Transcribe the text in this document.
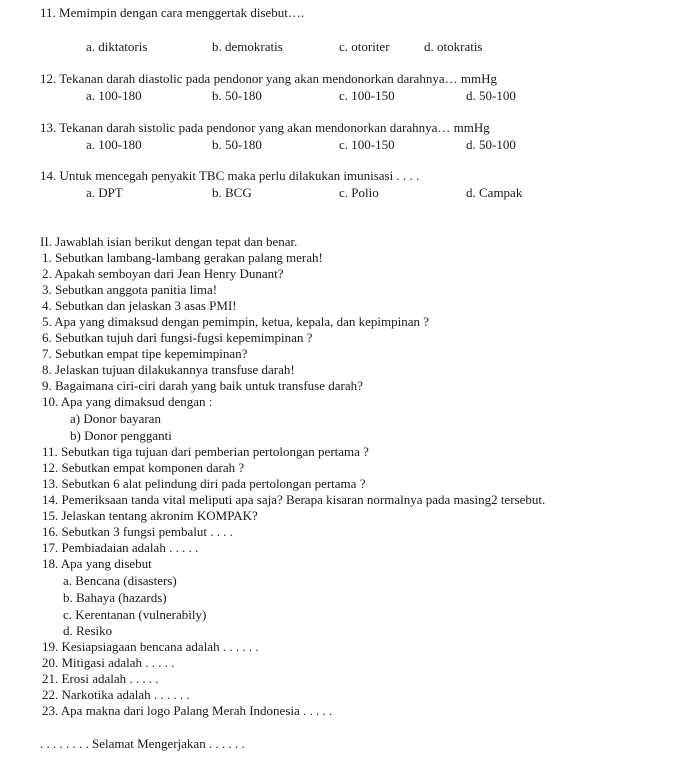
11. Memimpin dengan cara menggertak disebut….
a. diktatoris	b. demokratis	c. otoriter	d. otokratis
12. Tekanan darah diastolic pada pendonor yang akan mendonorkan darahnya… mmHg
a. 100-180	b. 50-180	c. 100-150	d. 50-100
13. Tekanan darah sistolic pada pendonor yang akan mendonorkan darahnya… mmHg
a. 100-180	b. 50-180	c. 100-150	d. 50-100
14. Untuk mencegah penyakit TBC maka perlu dilakukan imunisasi . . . .
a. DPT	b. BCG	c. Polio	d. Campak
II. Jawablah isian berikut dengan tepat dan benar.
1. Sebutkan lambang-lambang gerakan palang merah!
2. Apakah semboyan dari Jean Henry Dunant?
3. Sebutkan anggota panitia lima!
4. Sebutkan dan jelaskan 3 asas PMI!
5. Apa yang dimaksud dengan pemimpin, ketua, kepala, dan kepimpinan ?
6. Sebutkan tujuh dari fungsi-fugsi kepemimpinan ?
7. Sebutkan empat tipe kepemimpinan?
8. Jelaskan tujuan dilakukannya transfuse darah!
9. Bagaimana ciri-ciri darah yang baik untuk transfuse darah?
10. Apa yang dimaksud dengan :
a) Donor bayaran
b) Donor pengganti
11. Sebutkan tiga tujuan dari pemberian pertolongan pertama ?
12. Sebutkan empat komponen darah ?
13. Sebutkan 6 alat pelindung diri pada pertolongan pertama ?
14. Pemeriksaan tanda vital meliputi apa saja? Berapa kisaran normalnya pada masing2 tersebut.
15. Jelaskan tentang akronim KOMPAK?
16. Sebutkan 3 fungsi pembalut . . . .
17. Pembiadaian adalah . . . . .
18. Apa yang disebut
a. Bencana (disasters)
b. Bahaya (hazards)
c. Kerentanan (vulnerabily)
d. Resiko
19. Kesiapsiagaan bencana adalah . . . . . .
20. Mitigasi adalah . . . . .
21. Erosi adalah . . . . .
22. Narkotika adalah . . . . . .
23. Apa makna dari logo Palang Merah Indonesia . . . . .
. . . . . . . . Selamat Mengerjakan . . . . . .
